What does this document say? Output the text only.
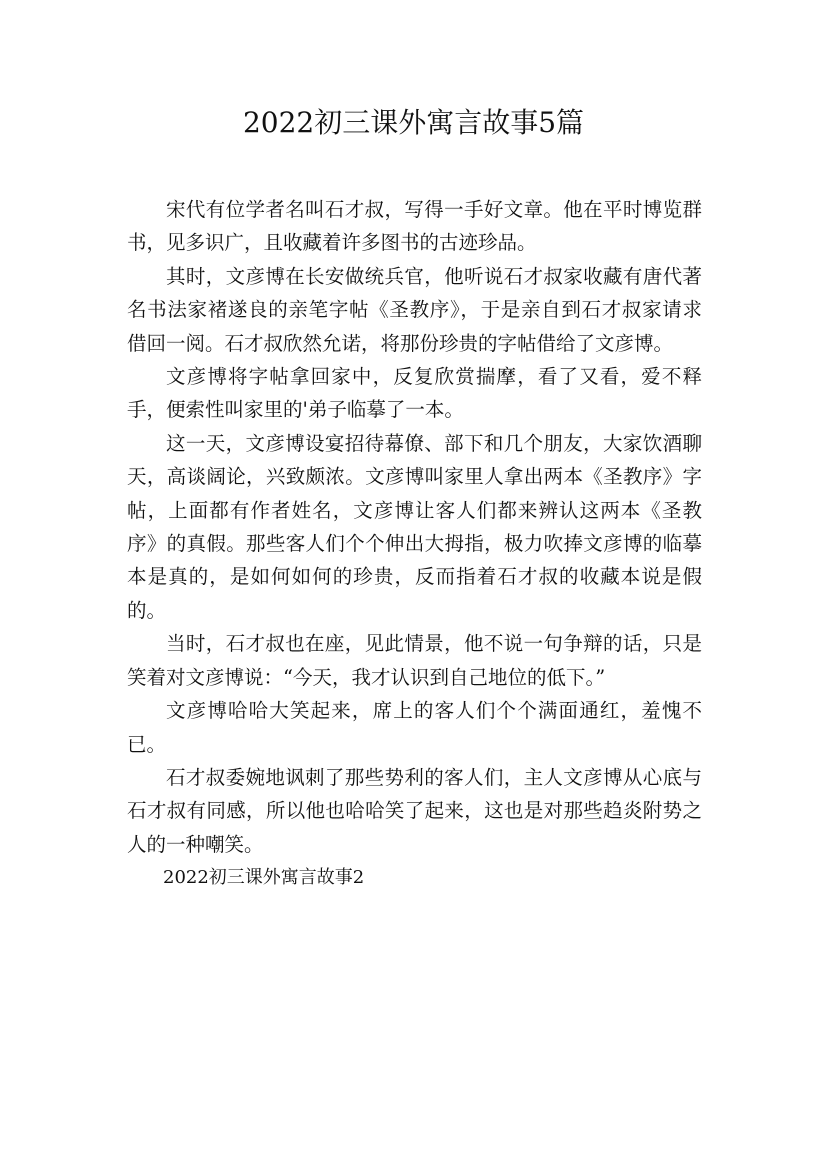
2022初三课外寓言故事5篇

宋代有位学者名叫石才叔，写得一手好文章。他在平时博览群书，见多识广，且收藏着许多图书的古迹珍品。

其时，文彦博在长安做统兵官，他听说石才叔家收藏有唐代著名书法家褚遂良的亲笔字帖《圣教序》，于是亲自到石才叔家请求借回一阅。石才叔欣然允诺，将那份珍贵的字帖借给了文彦博。

文彦博将字帖拿回家中，反复欣赏揣摩，看了又看，爱不释手，便索性叫家里的'弟子临摹了一本。

这一天，文彦博设宴招待幕僚、部下和几个朋友，大家饮酒聊天，高谈阔论，兴致颇浓。文彦博叫家里人拿出两本《圣教序》字帖，上面都有作者姓名，文彦博让客人们都来辨认这两本《圣教序》的真假。那些客人们个个伸出大拇指，极力吹捧文彦博的临摹本是真的，是如何如何的珍贵，反而指着石才叔的收藏本说是假的。

当时，石才叔也在座，见此情景，他不说一句争辩的话，只是笑着对文彦博说：“今天，我才认识到自己地位的低下。”

文彦博哈哈大笑起来，席上的客人们个个满面通红，羞愧不已。

石才叔委婉地讽刺了那些势利的客人们，主人文彦博从心底与石才叔有同感，所以他也哈哈笑了起来，这也是对那些趋炎附势之人的一种嘲笑。

2022初三课外寓言故事2
